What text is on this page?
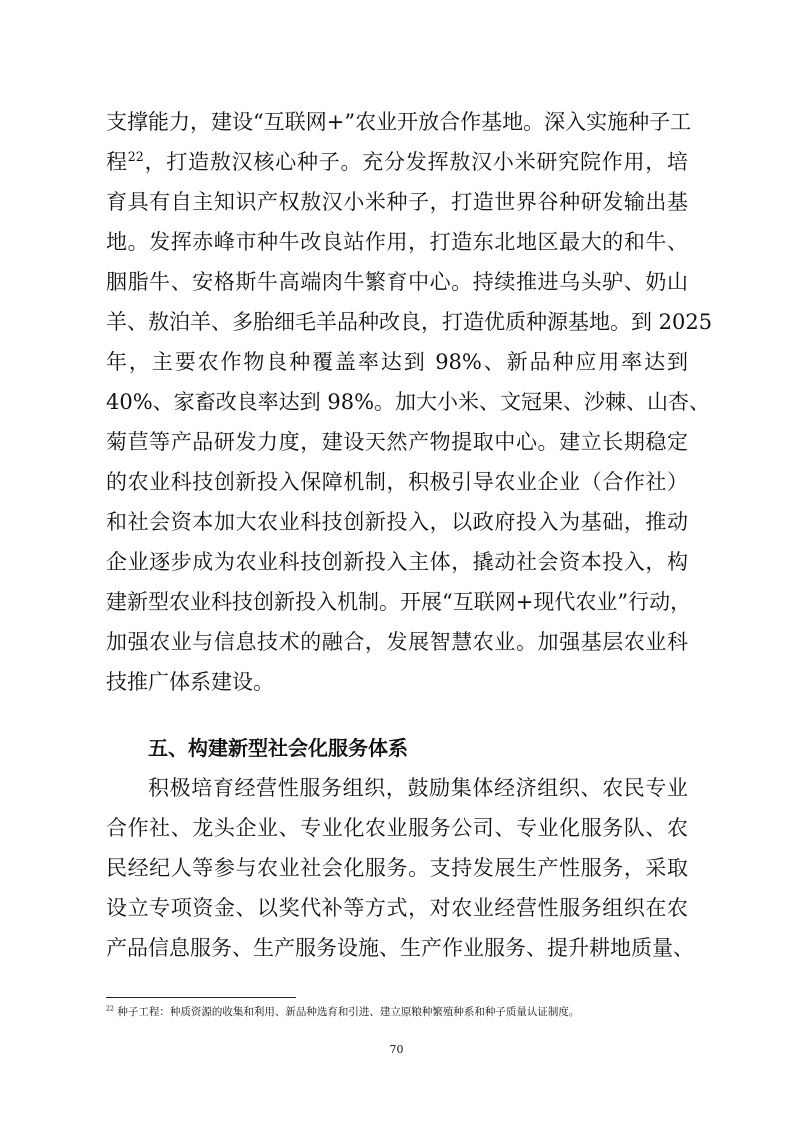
支撑能力，建设“互联网+”农业开放合作基地。深入实施种子工
程$^{22}$，打造敖汉核心种子。充分发挥敖汉小米研究院作用，培
育具有自主知识产权敖汉小米种子，打造世界谷种研发输出基
地。发挥赤峰市种牛改良站作用，打造东北地区最大的和牛、
胭脂牛、安格斯牛高端肉牛繁育中心。持续推进乌头驴、奶山
羊、敖泊羊、多胎细毛羊品种改良，打造优质种源基地。到 2025
年，主要农作物良种覆盖率达到 98%、新品种应用率达到
40%、家畜改良率达到 98%。加大小米、文冠果、沙棘、山杏、
菊苣等产品研发力度，建设天然产物提取中心。建立长期稳定
的农业科技创新投入保障机制，积极引导农业企业（合作社）
和社会资本加大农业科技创新投入，以政府投入为基础，推动
企业逐步成为农业科技创新投入主体，撬动社会资本投入，构
建新型农业科技创新投入机制。开展“互联网+现代农业”行动，
加强农业与信息技术的融合，发展智慧农业。加强基层农业科
技推广体系建设。
五、构建新型社会化服务体系
积极培育经营性服务组织，鼓励集体经济组织、农民专业
合作社、龙头企业、专业化农业服务公司、专业化服务队、农
民经纪人等参与农业社会化服务。支持发展生产性服务，采取
设立专项资金、以奖代补等方式，对农业经营性服务组织在农
产品信息服务、生产服务设施、生产作业服务、提升耕地质量、
$^{22}$ 种子工程：种质资源的收集和利用、新品种选育和引进、建立原粮种繁殖种系和种子质量认证制度。
70
